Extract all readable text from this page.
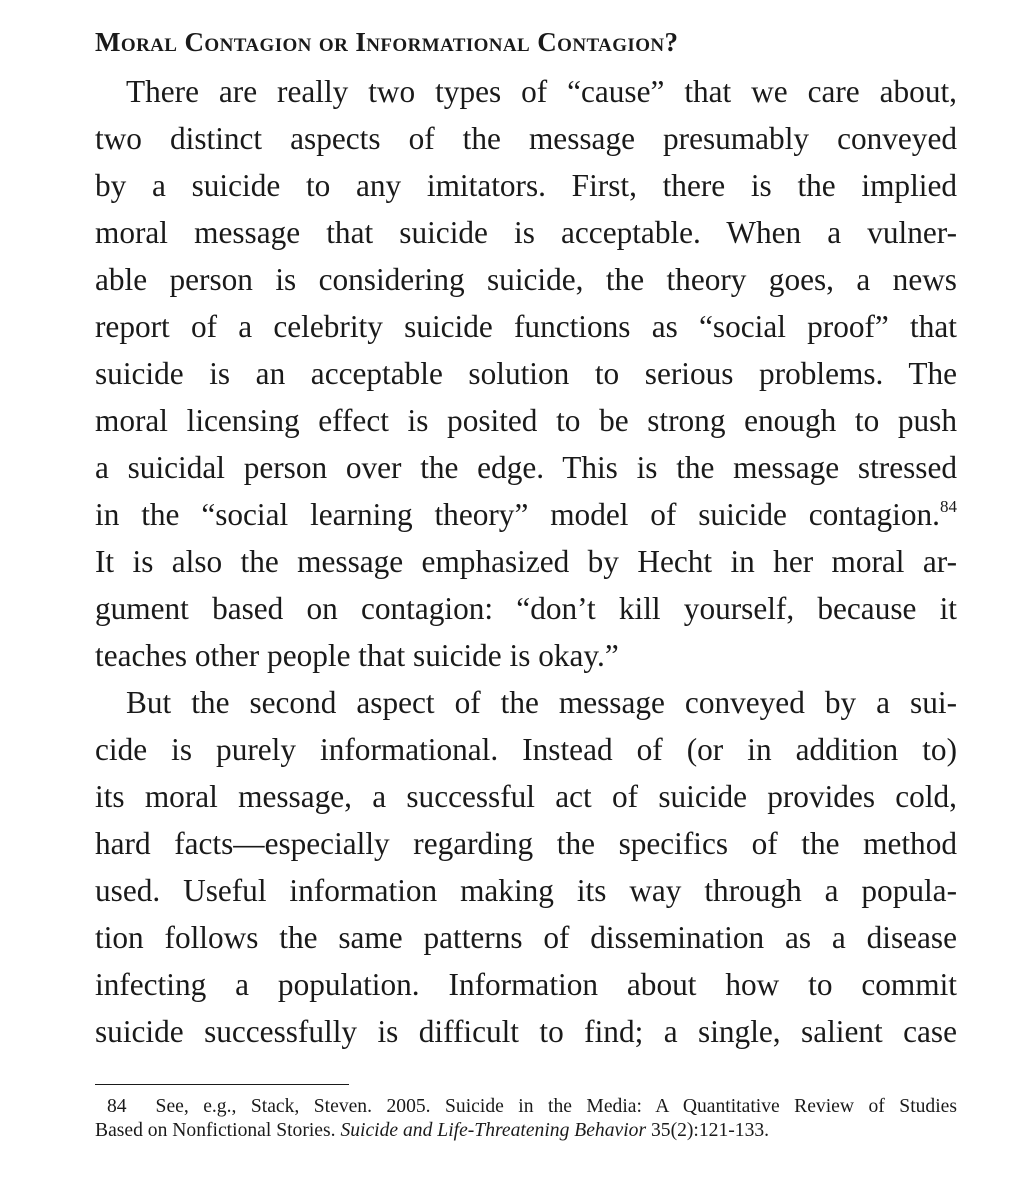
Moral Contagion or Informational Contagion?

There are really two types of “cause” that we care about,
two distinct aspects of the message presumably conveyed
by a suicide to any imitators. First, there is the implied
moral message that suicide is acceptable. When a vulner-
able person is considering suicide, the theory goes, a news
report of a celebrity suicide functions as “social proof” that
suicide is an acceptable solution to serious problems. The
moral licensing effect is posited to be strong enough to push
a suicidal person over the edge. This is the message stressed
in the “social learning theory” model of suicide contagion.$^{84}$
It is also the message emphasized by Hecht in her moral ar-
gument based on contagion: “don’t kill yourself, because it
teaches other people that suicide is okay.”

But the second aspect of the message conveyed by a sui-
cide is purely informational. Instead of (or in addition to)
its moral message, a successful act of suicide provides cold,
hard facts—especially regarding the specifics of the method
used. Useful information making its way through a popula-
tion follows the same patterns of dissemination as a disease
infecting a population. Information about how to commit
suicide successfully is difficult to find; a single, salient case

84 See, e.g., Stack, Steven. 2005. Suicide in the Media: A Quantitative Review of Studies
Based on Nonfictional Stories. Suicide and Life-Threatening Behavior 35(2):121-133.
